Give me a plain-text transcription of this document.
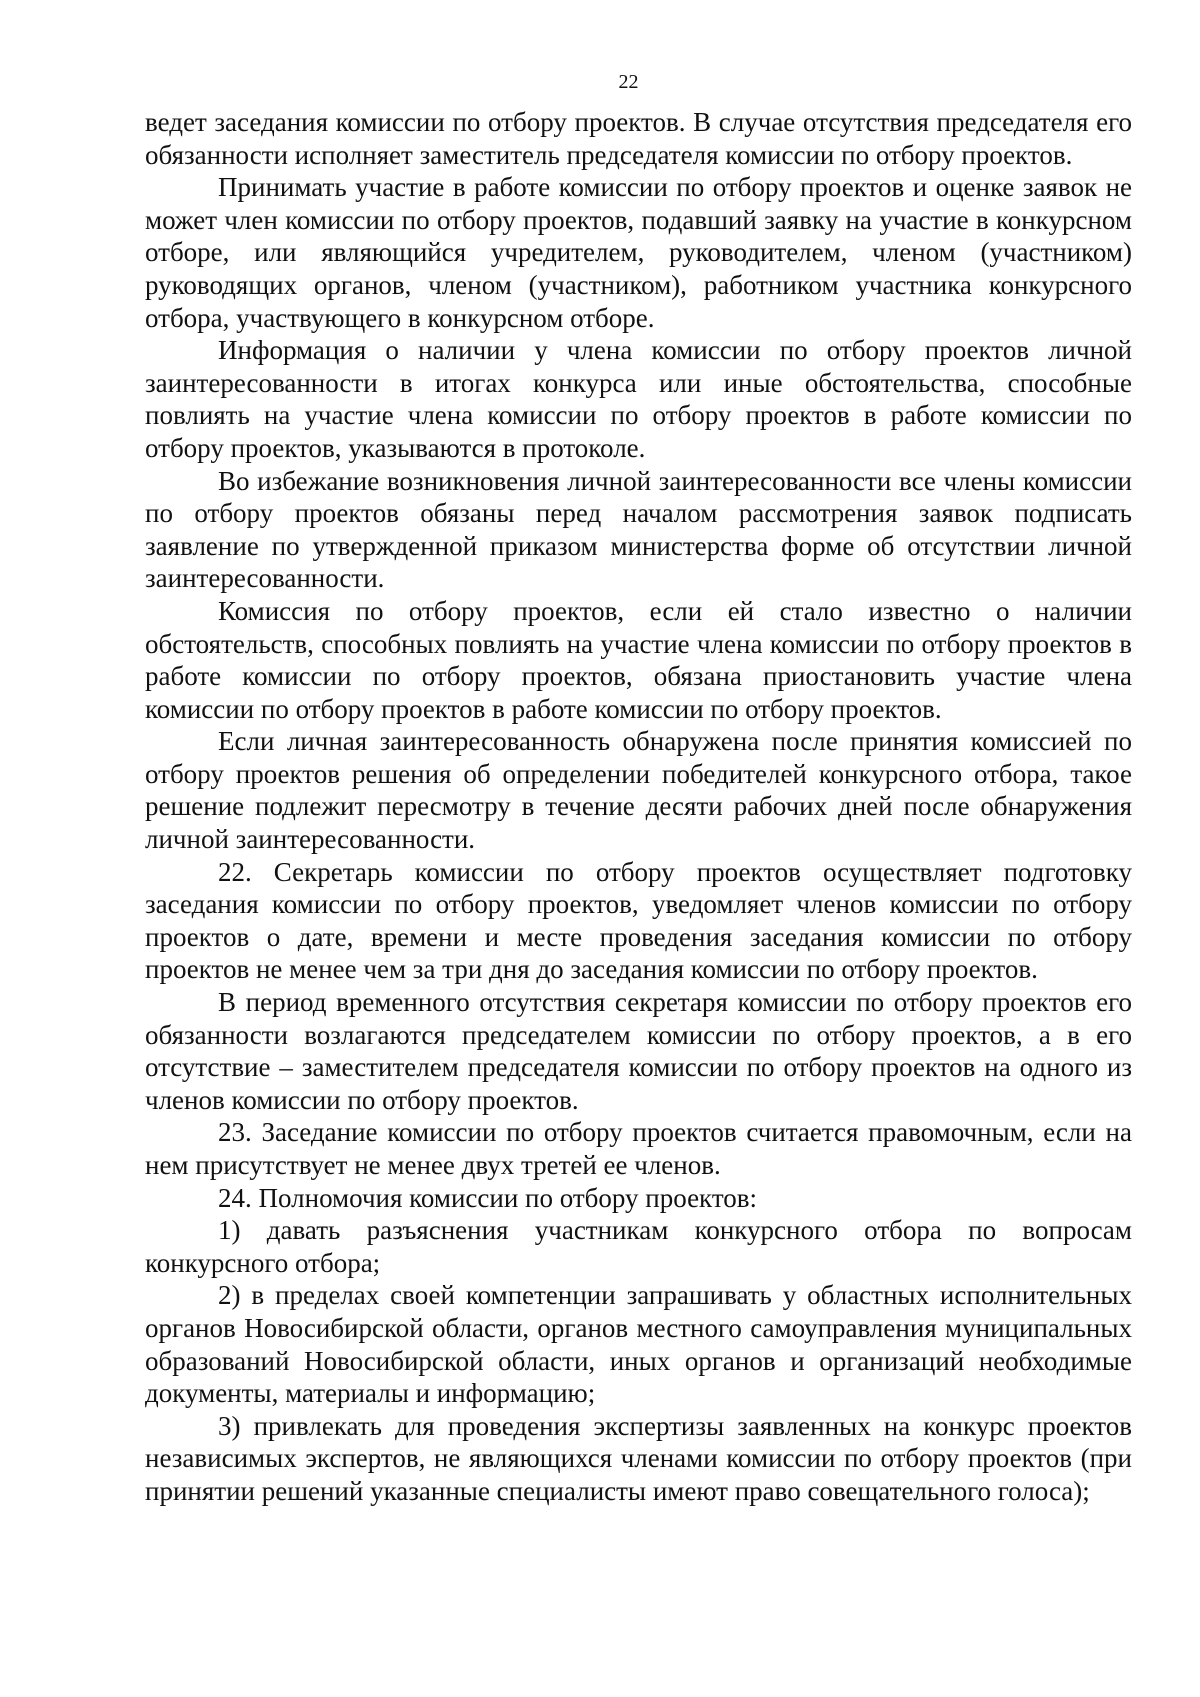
22

ведет заседания комиссии по отбору проектов. В случае отсутствия председателя его обязанности исполняет заместитель председателя комиссии по отбору проектов.

Принимать участие в работе комиссии по отбору проектов и оценке заявок не может член комиссии по отбору проектов, подавший заявку на участие в конкурсном отборе, или являющийся учредителем, руководителем, членом (участником) руководящих органов, членом (участником), работником участника конкурсного отбора, участвующего в конкурсном отборе.

Информация о наличии у члена комиссии по отбору проектов личной заинтересованности в итогах конкурса или иные обстоятельства, способные повлиять на участие члена комиссии по отбору проектов в работе комиссии по отбору проектов, указываются в протоколе.

Во избежание возникновения личной заинтересованности все члены комиссии по отбору проектов обязаны перед началом рассмотрения заявок подписать заявление по утвержденной приказом министерства форме об отсутствии личной заинтересованности.

Комиссия по отбору проектов, если ей стало известно о наличии обстоятельств, способных повлиять на участие члена комиссии по отбору проектов в работе комиссии по отбору проектов, обязана приостановить участие члена комиссии по отбору проектов в работе комиссии по отбору проектов.

Если личная заинтересованность обнаружена после принятия комиссией по отбору проектов решения об определении победителей конкурсного отбора, такое решение подлежит пересмотру в течение десяти рабочих дней после обнаружения личной заинтересованности.

22. Секретарь комиссии по отбору проектов осуществляет подготовку заседания комиссии по отбору проектов, уведомляет членов комиссии по отбору проектов о дате, времени и месте проведения заседания комиссии по отбору проектов не менее чем за три дня до заседания комиссии по отбору проектов.

В период временного отсутствия секретаря комиссии по отбору проектов его обязанности возлагаются председателем комиссии по отбору проектов, а в его отсутствие – заместителем председателя комиссии по отбору проектов на одного из членов комиссии по отбору проектов.

23. Заседание комиссии по отбору проектов считается правомочным, если на нем присутствует не менее двух третей ее членов.

24. Полномочия комиссии по отбору проектов:

1) давать разъяснения участникам конкурсного отбора по вопросам конкурсного отбора;

2) в пределах своей компетенции запрашивать у областных исполнительных органов Новосибирской области, органов местного самоуправления муниципальных образований Новосибирской области, иных органов и организаций необходимые документы, материалы и информацию;

3) привлекать для проведения экспертизы заявленных на конкурс проектов независимых экспертов, не являющихся членами комиссии по отбору проектов (при принятии решений указанные специалисты имеют право совещательного голоса);
